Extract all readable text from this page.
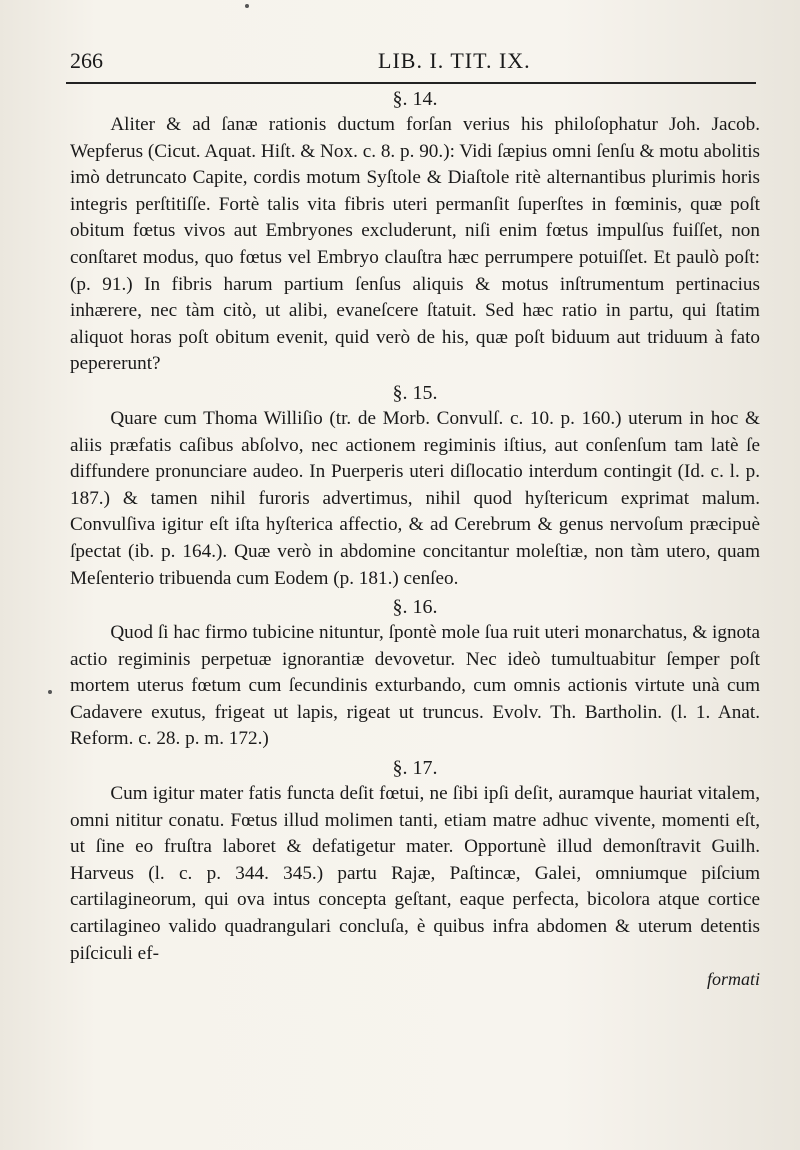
266	LIB. I. TIT. IX.
§. 14.

Aliter & ad ſanæ rationis ductum forſan verius his philoſophatur Joh. Jacob. Wepferus (Cicut. Aquat. Hiſt. & Nox. c. 8. p. 90.): Vidi ſæpius omni ſenſu & motu abolitis imò detruncato Capite, cordis motum Syſtole & Diaſtole ritè alternantibus plurimis horis integris perſtitiſſe. Fortè talis vita fibris uteri permanſit ſuperſtes in fœminis, quæ poſt obitum fœtus vivos aut Embryones excluderunt, niſi enim fœtus impulſus fuiſſet, non conſtaret modus, quo fœtus vel Embryo clauſtra hæc perrumpere potuiſſet. Et paulò poſt: (p. 91.) In fibris harum partium ſenſus aliquis & motus inſtrumentum pertinacius inhærere, nec tàm citò, ut alibi, evaneſcere ſtatuit. Sed hæc ratio in partu, qui ſtatim aliquot horas poſt obitum evenit, quid verò de his, quæ poſt biduum aut triduum à fato pepererunt?

§. 15.

Quare cum Thoma Williſio (tr. de Morb. Convulſ. c. 10. p. 160.) uterum in hoc & aliis præfatis caſibus abſolvo, nec actionem regiminis iſtius, aut conſenſum tam latè ſe diffundere pronunciare audeo. In Puerperis uteri diſlocatio interdum contingit (Id. c. l. p. 187.) & tamen nihil furoris advertimus, nihil quod hyſtericum exprimat malum. Convulſiva igitur eſt iſta hyſterica affectio, & ad Cerebrum & genus nervoſum præcipuè ſpectat (ib. p. 164.). Quæ verò in abdomine concitantur moleſtiæ, non tàm utero, quam Meſenterio tribuenda cum Eodem (p. 181.) cenſeo.

§. 16.

Quod ſi hac firmo tubicine nituntur, ſpontè mole ſua ruit uteri monarchatus, & ignota actio regiminis perpetuæ ignorantiæ devovetur. Nec ideò tumultuabitur ſemper poſt mortem uterus fœtum cum ſecundinis exturbando, cum omnis actionis virtute unà cum Cadavere exutus, frigeat ut lapis, rigeat ut truncus. Evolv. Th. Bartholin. (l. 1. Anat. Reform. c. 28. p. m. 172.)

§. 17.

Cum igitur mater fatis functa deſit fœtui, ne ſibi ipſi deſit, auramque hauriat vitalem, omni nititur conatu. Fœtus illud molimen tanti, etiam matre adhuc vivente, momenti eſt, ut ſine eo fruſtra laboret & defatigetur mater. Opportunè illud demonſtravit Guilh. Harveus (l. c. p. 344. 345.) partu Rajæ, Paſtincæ, Galei, omniumque piſcium cartilagineorum, qui ova intus concepta geſtant, eaque perfecta, bicolora atque cortice cartilagineo valido quadrangulari concluſa, è quibus infra abdomen & uterum detentis piſciculi ef-

formati
